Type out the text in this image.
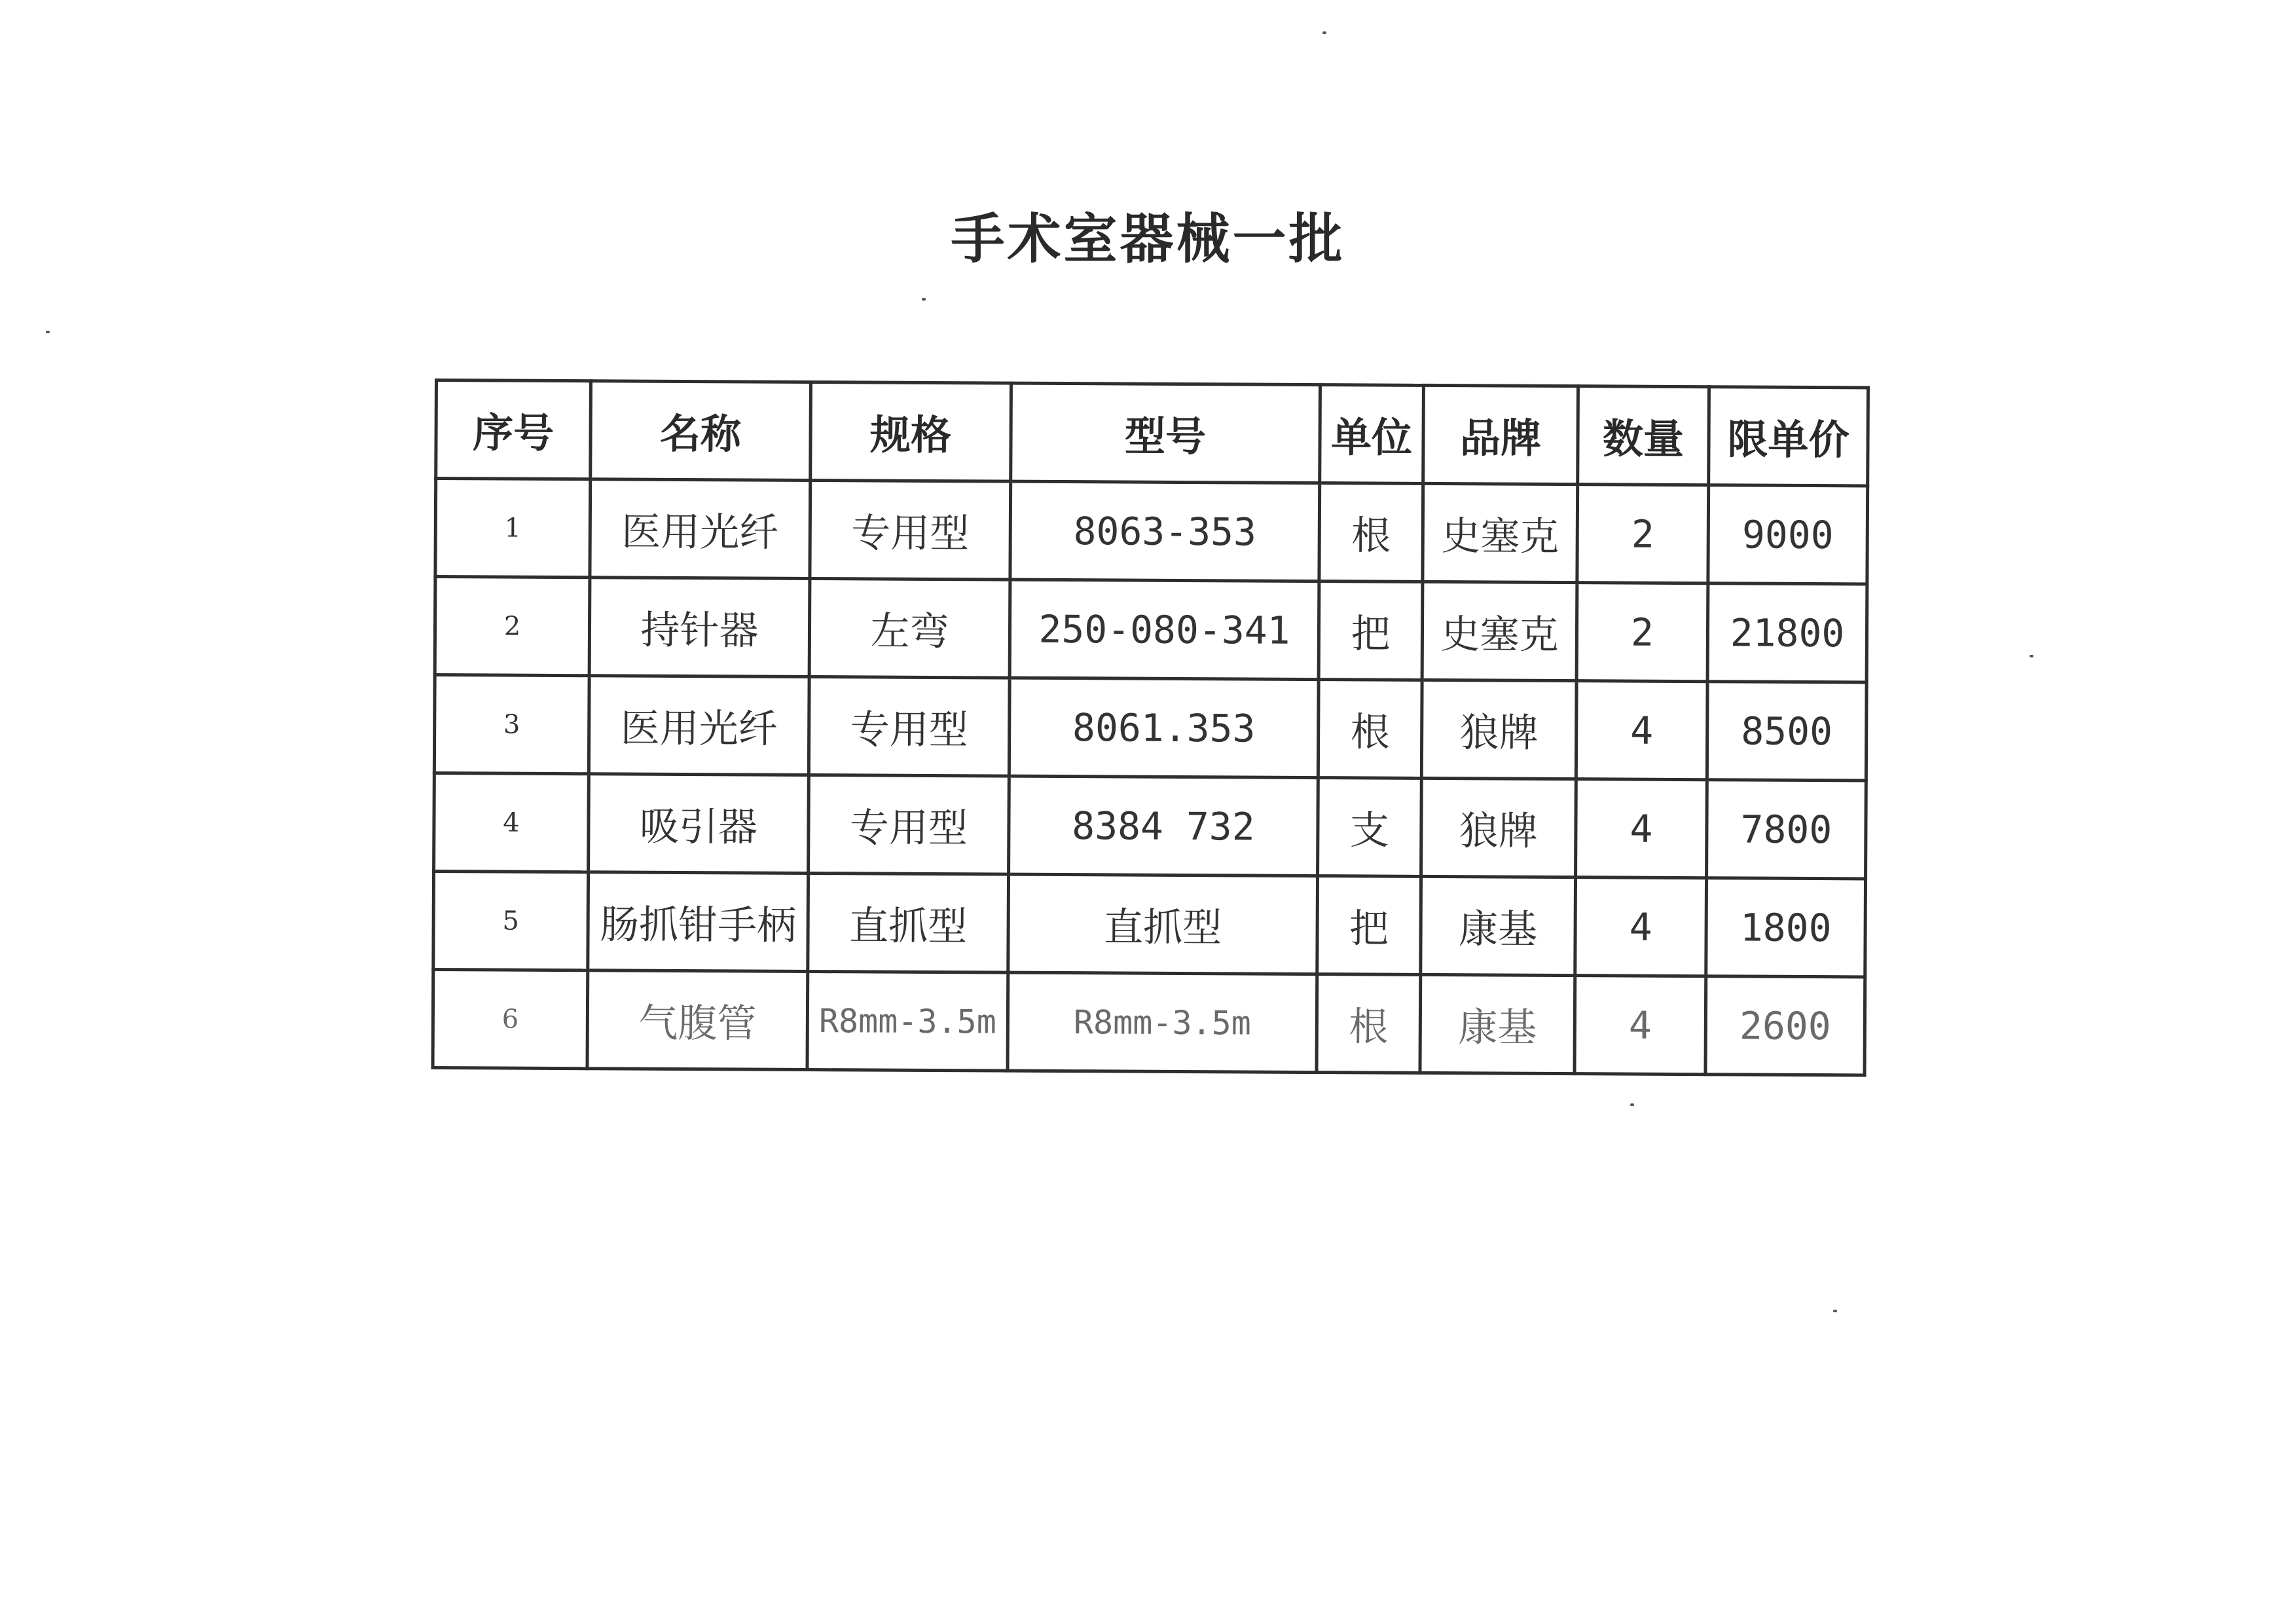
手术室器械一批
序号	名称	规格	型号	单位	品牌	数量	限单价
1	医用光纤	专用型	8063-353	根	史塞克	2	9000
2	持针器	左弯	250-080-341	把	史塞克	2	21800
3	医用光纤	专用型	8061.353	根	狼牌	4	8500
4	吸引器	专用型	8384 732	支	狼牌	4	7800
5	肠抓钳手柄	直抓型	直抓型	把	康基	4	1800
6	气腹管	R8mm-3.5m	R8mm-3.5m	根	康基	4	2600
